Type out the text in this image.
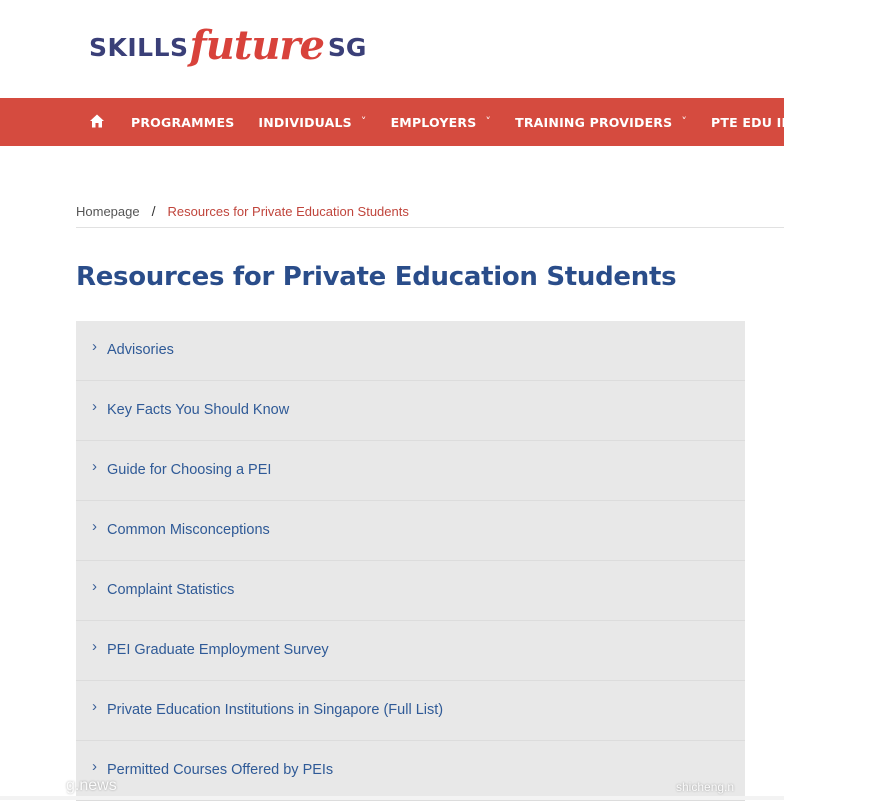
SKILLS future SG
PROGRAMMES INDIVIDUALS ˅ EMPLOYERS ˅ TRAINING PROVIDERS ˅ PTE EDU INSTITUTIO
Homepage / Resources for Private Education Students
Resources for Private Education Students
› Advisories
› Key Facts You Should Know
› Guide for Choosing a PEI
› Common Misconceptions
› Complaint Statistics
› PEI Graduate Employment Survey
› Private Education Institutions in Singapore (Full List)
› Permitted Courses Offered by PEIs
g.news	shicheng.n
